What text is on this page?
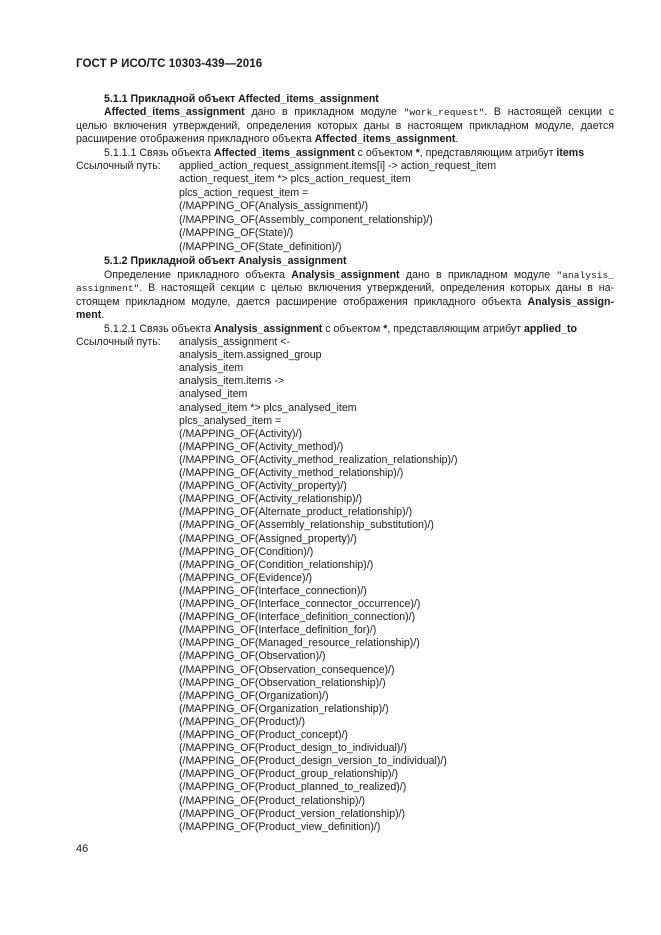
ГОСТ Р ИСО/ТС 10303-439—2016
5.1.1 Прикладной объект Affected_items_assignment
Affected_items_assignment дано в прикладном модуле "work_request". В настоящей секции с
целью включения утверждений, определения которых даны в настоящем прикладном модуле, дается
расширение отображения прикладного объекта Affected_items_assignment.
5.1.1.1 Связь объекта Affected_items_assignment с объектом *, представляющим атрибут items
Ссылочный путь: applied_action_request_assignment.items[i] -> action_request_item
action_request_item *> plcs_action_request_item
plcs_action_request_item =
(/MAPPING_OF(Analysis_assignment)/)
(/MAPPING_OF(Assembly_component_relationship)/)
(/MAPPING_OF(State)/)
(/MAPPING_OF(State_definition)/)
5.1.2 Прикладной объект Analysis_assignment
Определение прикладного объекта Analysis_assignment дано в прикладном модуле "analysis_
assignment". В настоящей секции с целью включения утверждений, определения которых даны в на-
стоящем прикладном модуле, дается расширение отображения прикладного объекта Analysis_assign-
ment.
5.1.2.1 Связь объекта Analysis_assignment с объектом *, представляющим атрибут applied_to
Ссылочный путь: analysis_assignment <-
analysis_item.assigned_group
analysis_item
analysis_item.items ->
analysed_item
analysed_item *> plcs_analysed_item
plcs_analysed_item =
(/MAPPING_OF(Activity)/)
(/MAPPING_OF(Activity_method)/)
(/MAPPING_OF(Activity_method_realization_relationship)/)
(/MAPPING_OF(Activity_method_relationship)/)
(/MAPPING_OF(Activity_property)/)
(/MAPPING_OF(Activity_relationship)/)
(/MAPPING_OF(Alternate_product_relationship)/)
(/MAPPING_OF(Assembly_relationship_substitution)/)
(/MAPPING_OF(Assigned_property)/)
(/MAPPING_OF(Condition)/)
(/MAPPING_OF(Condition_relationship)/)
(/MAPPING_OF(Evidence)/)
(/MAPPING_OF(Interface_connection)/)
(/MAPPING_OF(Interface_connector_occurrence)/)
(/MAPPING_OF(Interface_definition_connection)/)
(/MAPPING_OF(Interface_definition_for)/)
(/MAPPING_OF(Managed_resource_relationship)/)
(/MAPPING_OF(Observation)/)
(/MAPPING_OF(Observation_consequence)/)
(/MAPPING_OF(Observation_relationship)/)
(/MAPPING_OF(Organization)/)
(/MAPPING_OF(Organization_relationship)/)
(/MAPPING_OF(Product)/)
(/MAPPING_OF(Product_concept)/)
(/MAPPING_OF(Product_design_to_individual)/)
(/MAPPING_OF(Product_design_version_to_individual)/)
(/MAPPING_OF(Product_group_relationship)/)
(/MAPPING_OF(Product_planned_to_realized)/)
(/MAPPING_OF(Product_relationship)/)
(/MAPPING_OF(Product_version_relationship)/)
(/MAPPING_OF(Product_view_definition)/)
46
